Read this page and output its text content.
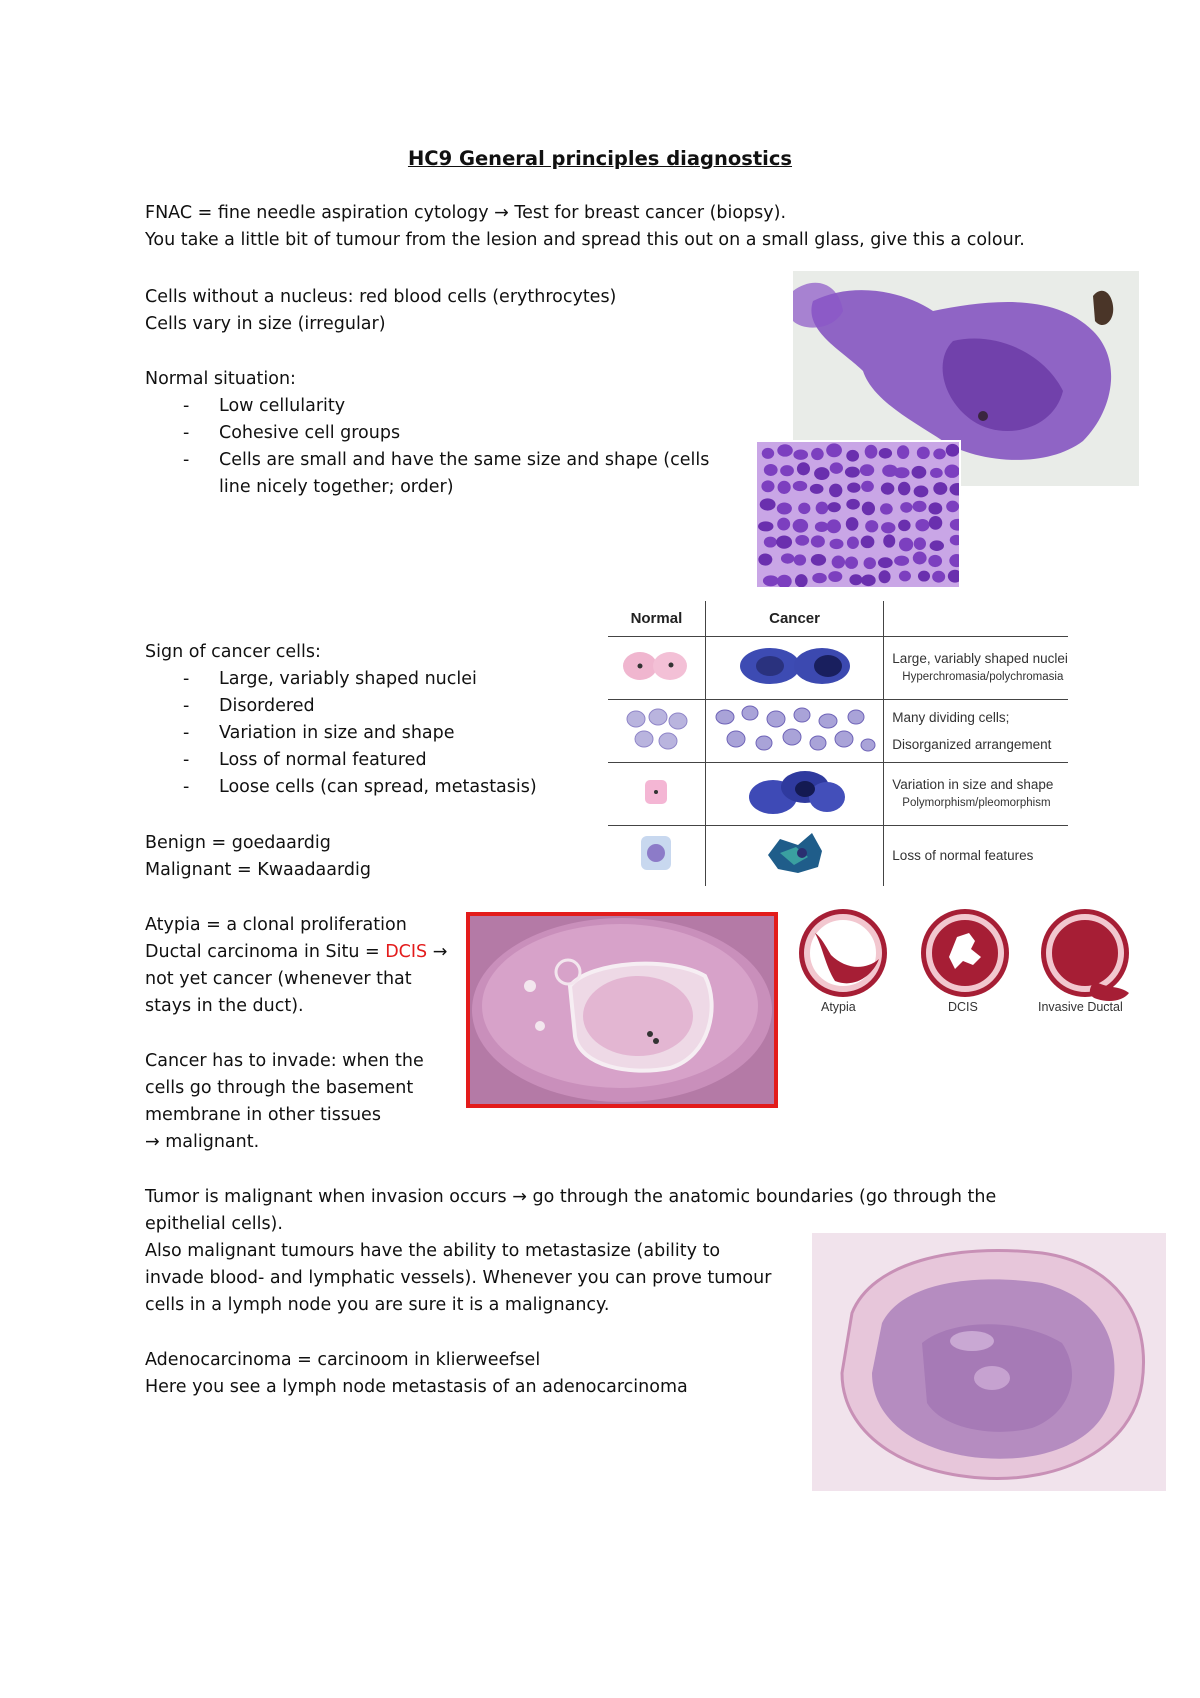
HC9 General principles diagnostics
FNAC = fine needle aspiration cytology → Test for breast cancer (biopsy).
You take a little bit of tumour from the lesion and spread this out on a small glass, give this a colour.
Cells without a nucleus: red blood cells (erythrocytes)
Cells vary in size (irregular)
Normal situation:
- Low cellularity
- Cohesive cell groups
- Cells are small and have the same size and shape (cells
line nicely together; order)
Normal	Cancer	

Large, variably shaped nuclei
Hyperchromasia/polychromasia

Many dividing cells;
Disorganized arrangement

Variation in size and shape
Polymorphism/pleomorphism

Loss of normal features
Sign of cancer cells:
- Large, variably shaped nuclei
- Disordered
- Variation in size and shape
- Loss of normal featured
- Loose cells (can spread, metastasis)
Benign = goedaardig
Malignant = Kwaadaardig
Atypia = a clonal proliferation
Ductal carcinoma in Situ = DCIS →
not yet cancer (whenever that
stays in the duct).
Cancer has to invade: when the
cells go through the basement
membrane in other tissues
→ malignant.
Atypia	DCIS	Invasive Ductal
Tumor is malignant when invasion occurs → go through the anatomic boundaries (go through the
epithelial cells).
Also malignant tumours have the ability to metastasize (ability to
invade blood- and lymphatic vessels). Whenever you can prove tumour
cells in a lymph node you are sure it is a malignancy.
Adenocarcinoma = carcinoom in klierweefsel
Here you see a lymph node metastasis of an adenocarcinoma
